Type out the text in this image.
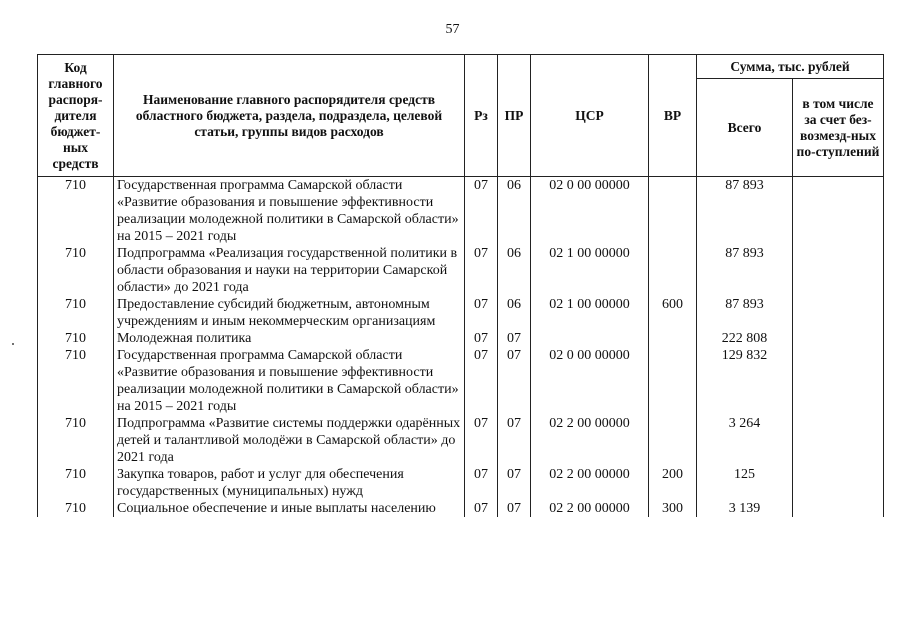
57
Код главного распоря-дителя бюджет-ных средств	Наименование главного распорядителя средств областного бюджета, раздела, подраздела, целевой статьи, группы видов расходов	Рз	ПР	ЦСР	ВР	Сумма, тыс. рублей	
						Всего	в том числе за счет без-возмезд-ных по-ступлений
710	Государственная программа Самарской области «Развитие образования и повышение эффективности реализации молодежной политики в Самарской области» на 2015 – 2021 годы	07	06	02 0 00 00000		87 893	
710	Подпрограмма «Реализация государственной политики в области образования и науки на территории Самарской области» до 2021 года	07	06	02 1 00 00000		87 893	
710	Предоставление субсидий бюджетным, автономным учреждениям и иным некоммерческим организациям	07	06	02 1 00 00000	600	87 893	
710	Молодежная политика	07	07			222 808	
710	Государственная программа Самарской области «Развитие образования и повышение эффективности реализации молодежной политики в Самарской области» на 2015 – 2021 годы	07	07	02 0 00 00000		129 832	
710	Подпрограмма «Развитие системы поддержки одарённых детей и талантливой молодёжи в Самарской области» до 2021 года	07	07	02 2 00 00000		3 264	
710	Закупка товаров, работ и услуг для обеспечения государственных (муниципальных) нужд	07	07	02 2 00 00000	200	125	
710	Социальное обеспечение и иные выплаты населению	07	07	02 2 00 00000	300	3 139	
